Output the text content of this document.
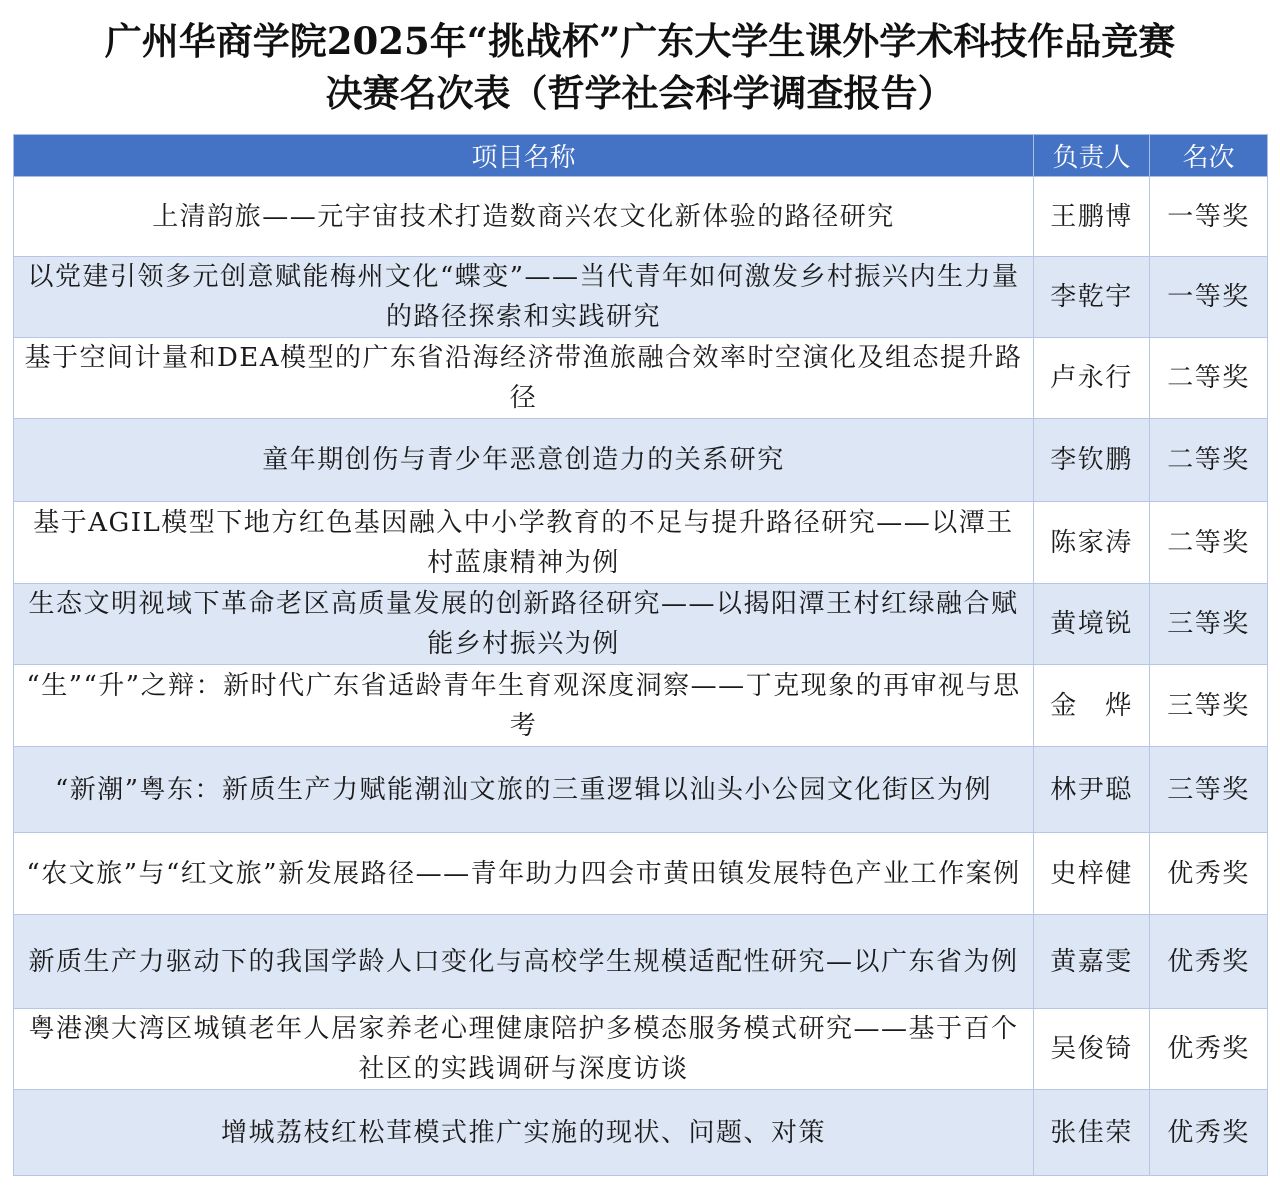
广州华商学院2025年“挑战杯”广东大学生课外学术科技作品竞赛
决赛名次表（哲学社会科学调查报告）
项目名称	负责人	名次
上清韵旅——元宇宙技术打造数商兴农文化新体验的路径研究	王鹏博	一等奖
以党建引领多元创意赋能梅州文化“蝶变”——当代青年如何激发乡村振兴内生力量的路径探索和实践研究	李乾宇	一等奖
基于空间计量和DEA模型的广东省沿海经济带渔旅融合效率时空演化及组态提升路径	卢永行	二等奖
童年期创伤与青少年恶意创造力的关系研究	李钦鹏	二等奖
基于AGIL模型下地方红色基因融入中小学教育的不足与提升路径研究——以潭王村蓝康精神为例	陈家涛	二等奖
生态文明视域下革命老区高质量发展的创新路径研究——以揭阳潭王村红绿融合赋能乡村振兴为例	黄境锐	三等奖
“生”“升”之辩：新时代广东省适龄青年生育观深度洞察——丁克现象的再审视与思考	金　烨	三等奖
“新潮”粤东：新质生产力赋能潮汕文旅的三重逻辑以汕头小公园文化街区为例	林尹聪	三等奖
“农文旅”与“红文旅”新发展路径——青年助力四会市黄田镇发展特色产业工作案例	史梓健	优秀奖
新质生产力驱动下的我国学龄人口变化与高校学生规模适配性研究—以广东省为例	黄嘉雯	优秀奖
粤港澳大湾区城镇老年人居家养老心理健康陪护多模态服务模式研究——基于百个社区的实践调研与深度访谈	吴俊锜	优秀奖
增城荔枝红松茸模式推广实施的现状、问题、对策	张佳荣	优秀奖
